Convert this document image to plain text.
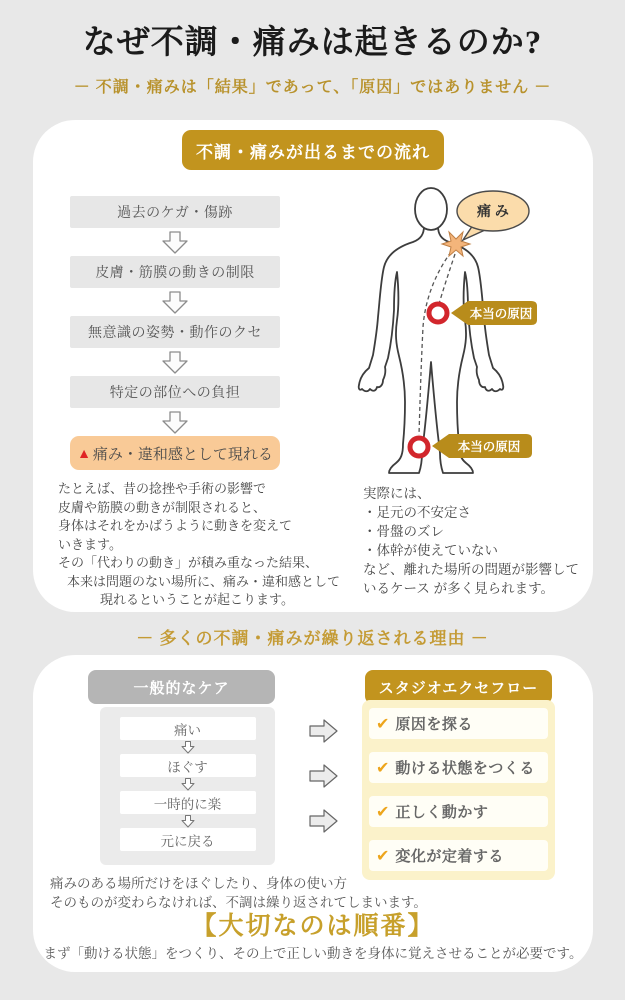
なぜ不調・痛みは起きるのか?
－ 不調・痛みは「結果」であって、「原因」ではありません －
不調・痛みが出るまでの流れ
過去のケガ・傷跡
皮膚・筋膜の動きの制限
無意識の姿勢・動作のクセ
特定の部位への負担
▲ 痛み・違和感として現れる
痛 み
本当の原因
本当の原因
たとえば、昔の捻挫や手術の影響で
皮膚や筋膜の動きが制限されると、
身体はそれをかばうように動きを変えて
いきます。
その「代わりの動き」が積み重なった結果、
本来は問題のない場所に、痛み・違和感として
現れるということが起こります。
実際には、
・足元の不安定さ
・骨盤のズレ
・体幹が使えていない
など、離れた場所の問題が影響して
いるケース が多く見られます。
－ 多くの不調・痛みが繰り返される理由 －
一般的なケア	スタジオエクセフロー
痛い
ほぐす
一時的に楽
元に戻る
✔ 原因を探る
✔ 動ける状態をつくる
✔ 正しく動かす
✔ 変化が定着する
痛みのある場所だけをほぐしたり、身体の使い方
そのものが変わらなければ、不調は繰り返されてしまいます。
【大切なのは順番】
まず「動ける状態」をつくり、その上で正しい動きを身体に覚えさせることが必要です。
